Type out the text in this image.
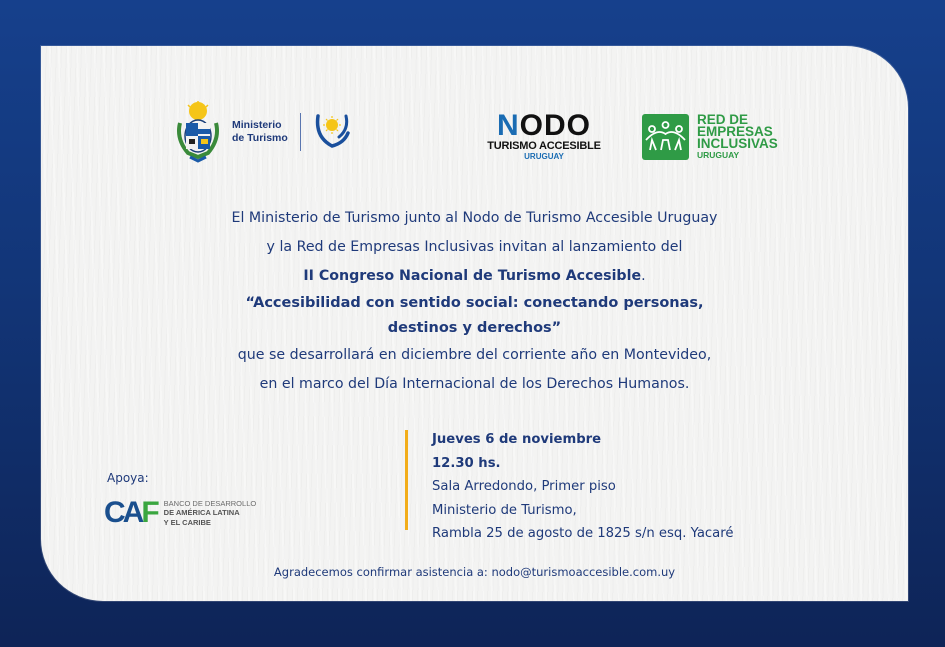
Ministerio
de Turismo	NODO
TURISMO ACCESIBLE
URUGUAY
RED DE
EMPRESAS
INCLUSIVAS
URUGUAY
El Ministerio de Turismo junto al Nodo de Turismo Accesible Uruguay
y la Red de Empresas Inclusivas invitan al lanzamiento del
II Congreso Nacional de Turismo Accesible.
“Accesibilidad con sentido social: conectando personas,
destinos y derechos”
que se desarrollará en diciembre del corriente año en Montevideo,
en el marco del Día Internacional de los Derechos Humanos.
Apoya:
CAF BANCO DE DESARROLLO
DE AMÉRICA LATINA
Y EL CARIBE
Jueves 6 de noviembre
12.30 hs.
Sala Arredondo, Primer piso
Ministerio de Turismo,
Rambla 25 de agosto de 1825 s/n esq. Yacaré
Agradecemos confirmar asistencia a: nodo@turismoaccesible.com.uy
